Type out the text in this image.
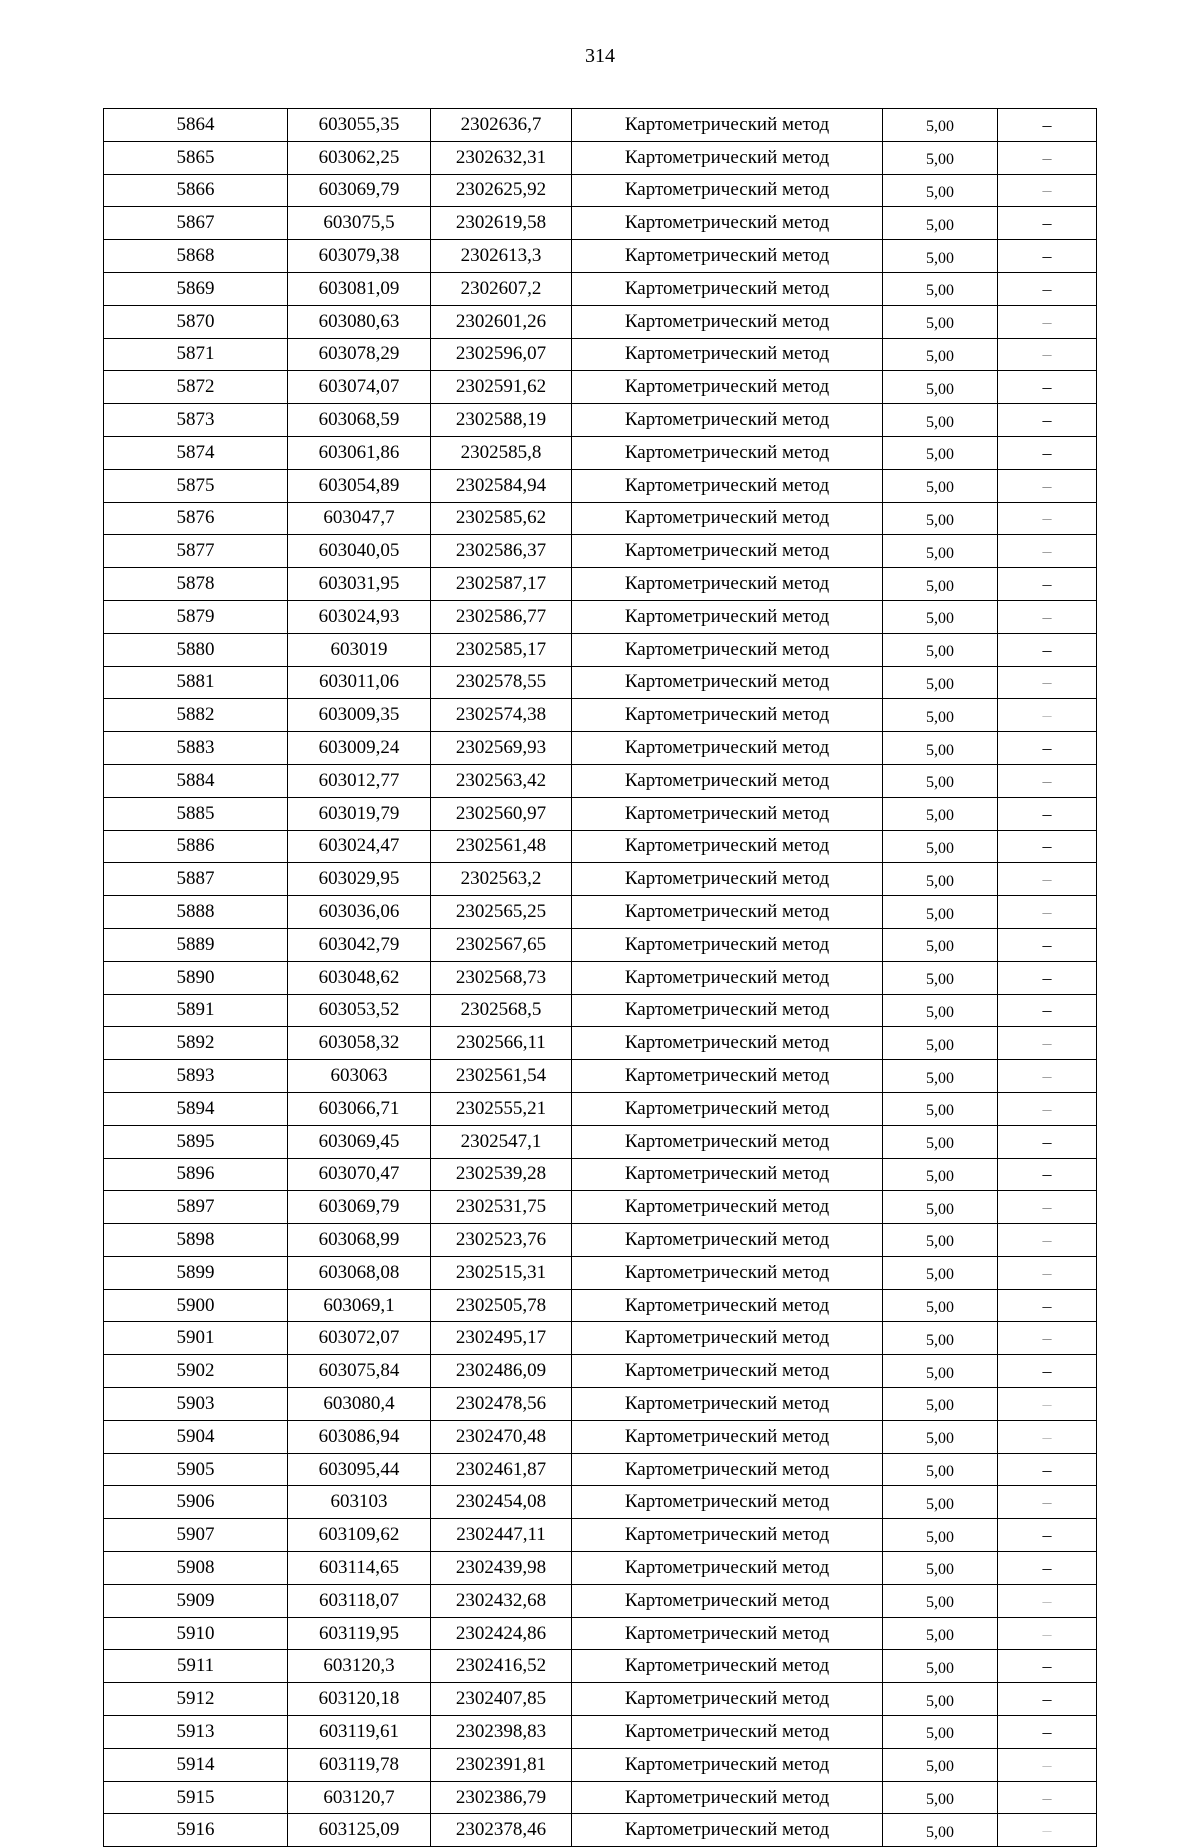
314
5864	603055,35	2302636,7	Картометрический метод	5,00	–
5865	603062,25	2302632,31	Картометрический метод	5,00	–
5866	603069,79	2302625,92	Картометрический метод	5,00	–
5867	603075,5	2302619,58	Картометрический метод	5,00	–
5868	603079,38	2302613,3	Картометрический метод	5,00	–
5869	603081,09	2302607,2	Картометрический метод	5,00	–
5870	603080,63	2302601,26	Картометрический метод	5,00	–
5871	603078,29	2302596,07	Картометрический метод	5,00	–
5872	603074,07	2302591,62	Картометрический метод	5,00	–
5873	603068,59	2302588,19	Картометрический метод	5,00	–
5874	603061,86	2302585,8	Картометрический метод	5,00	–
5875	603054,89	2302584,94	Картометрический метод	5,00	–
5876	603047,7	2302585,62	Картометрический метод	5,00	–
5877	603040,05	2302586,37	Картометрический метод	5,00	–
5878	603031,95	2302587,17	Картометрический метод	5,00	–
5879	603024,93	2302586,77	Картометрический метод	5,00	–
5880	603019	2302585,17	Картометрический метод	5,00	–
5881	603011,06	2302578,55	Картометрический метод	5,00	–
5882	603009,35	2302574,38	Картометрический метод	5,00	–
5883	603009,24	2302569,93	Картометрический метод	5,00	–
5884	603012,77	2302563,42	Картометрический метод	5,00	–
5885	603019,79	2302560,97	Картометрический метод	5,00	–
5886	603024,47	2302561,48	Картометрический метод	5,00	–
5887	603029,95	2302563,2	Картометрический метод	5,00	–
5888	603036,06	2302565,25	Картометрический метод	5,00	–
5889	603042,79	2302567,65	Картометрический метод	5,00	–
5890	603048,62	2302568,73	Картометрический метод	5,00	–
5891	603053,52	2302568,5	Картометрический метод	5,00	–
5892	603058,32	2302566,11	Картометрический метод	5,00	–
5893	603063	2302561,54	Картометрический метод	5,00	–
5894	603066,71	2302555,21	Картометрический метод	5,00	–
5895	603069,45	2302547,1	Картометрический метод	5,00	–
5896	603070,47	2302539,28	Картометрический метод	5,00	–
5897	603069,79	2302531,75	Картометрический метод	5,00	–
5898	603068,99	2302523,76	Картометрический метод	5,00	–
5899	603068,08	2302515,31	Картометрический метод	5,00	–
5900	603069,1	2302505,78	Картометрический метод	5,00	–
5901	603072,07	2302495,17	Картометрический метод	5,00	–
5902	603075,84	2302486,09	Картометрический метод	5,00	–
5903	603080,4	2302478,56	Картометрический метод	5,00	–
5904	603086,94	2302470,48	Картометрический метод	5,00	–
5905	603095,44	2302461,87	Картометрический метод	5,00	–
5906	603103	2302454,08	Картометрический метод	5,00	–
5907	603109,62	2302447,11	Картометрический метод	5,00	–
5908	603114,65	2302439,98	Картометрический метод	5,00	–
5909	603118,07	2302432,68	Картометрический метод	5,00	–
5910	603119,95	2302424,86	Картометрический метод	5,00	–
5911	603120,3	2302416,52	Картометрический метод	5,00	–
5912	603120,18	2302407,85	Картометрический метод	5,00	–
5913	603119,61	2302398,83	Картометрический метод	5,00	–
5914	603119,78	2302391,81	Картометрический метод	5,00	–
5915	603120,7	2302386,79	Картометрический метод	5,00	–
5916	603125,09	2302378,46	Картометрический метод	5,00	–
